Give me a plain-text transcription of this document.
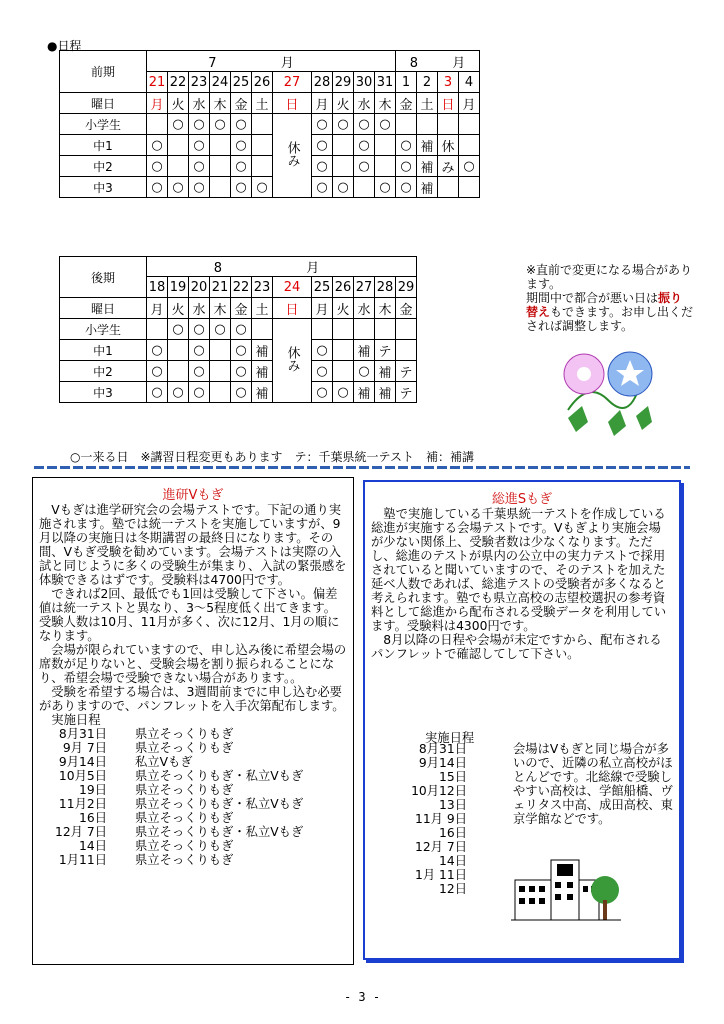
●日程
前期	7 月											8 月			
	21	22	23	24	25	26	27	28	29	30	31	1	2	3	4
曜日	月	火	水	木	金	土	日	月	火	水	木	金	土	日	月
小学生		○	○	○	○		休み	○	○	○	○				
中1	○		○		○			○		○		○	補	休	
中2	○		○		○			○		○		○	補	み	○
中3	○	○	○		○	○		○	○		○	○	補		
後期	8 月											
	18	19	20	21	22	23	24	25	26	27	28	29
曜日	月	火	水	木	金	土	日	月	火	水	木	金
小学生		○	○	○	○		休み					
中1	○		○		○	補		○		補	テ	
中2	○		○		○	補		○		○	補	テ
中3	○	○	○		○	補		○	○	補	補	テ
※直前で変更になる場合があります。
期間中で都合が悪い日は振り替えもできます。お申し出くだされば調整します。
○一来る日　※講習日程変更もあります　テ：千葉県統一テスト　補：補講
進研Vもぎ

　Vもぎは進学研究会の会場テストです。下記の通り実施されます。塾では統一テストを実施していますが、9月以降の実施日は冬期講習の最終日になります。その間、Vもぎ受験を勧めています。会場テストは実際の入試と同じように多くの受験生が集まり、入試の緊張感を体験できるはずです。受験料は4700円です。

　できれば2回、最低でも1回は受験して下さい。偏差値は統一テストと異なり、3～5程度低く出てきます。受験人数は10月、11月が多く、次に12月、1月の順になります。

　会場が限られていますので、申し込み後に希望会場の席数が足りないと、受験会場を割り振られることになり、希望会場で受験できない場合があります。。

　受験を希望する場合は、3週間前までに申し込む必要がありますので、パンフレットを入手次第配布します。

　実施日程

8月31日	県立そっくりもぎ
9月 7日	県立そっくりもぎ
9月14日	私立Vもぎ
10月5日	県立そっくりもぎ・私立Vもぎ
19日	県立そっくりもぎ
11月2日	県立そっくりもぎ・私立Vもぎ
16日	県立そっくりもぎ
12月 7日	県立そっくりもぎ・私立Vもぎ
14日	県立そっくりもぎ
1月11日	県立そっくりもぎ
総進Sもぎ

　塾で実施している千葉県統一テストを作成している総進が実施する会場テストです。Vもぎより実施会場が少ない関係上、受験者数は少なくなります。ただし、総進のテストが県内の公立中の実力テストで採用されていると聞いていますので、そのテストを加えた延べ人数であれば、総進テストの受験者が多くなると考えられます。塾でも県立高校の志望校選択の参考資料として総進から配布される受験データを利用しています。受験料は4300円です。

　8月以降の日程や会場が未定ですから、配布されるパンフレットで確認してして下さい。

実施日程
8月31日
9月14日
15日
10月12日
13日
11月 9日
16日
12月 7日
14日
1月 11日
12日

会場はVもぎと同じ場合が多いので、近隣の私立高校がほとんどです。北総線で受験しやすい高校は、学館船橋、ヴェリタス中高、成田高校、東京学館などです。

- 3 -
